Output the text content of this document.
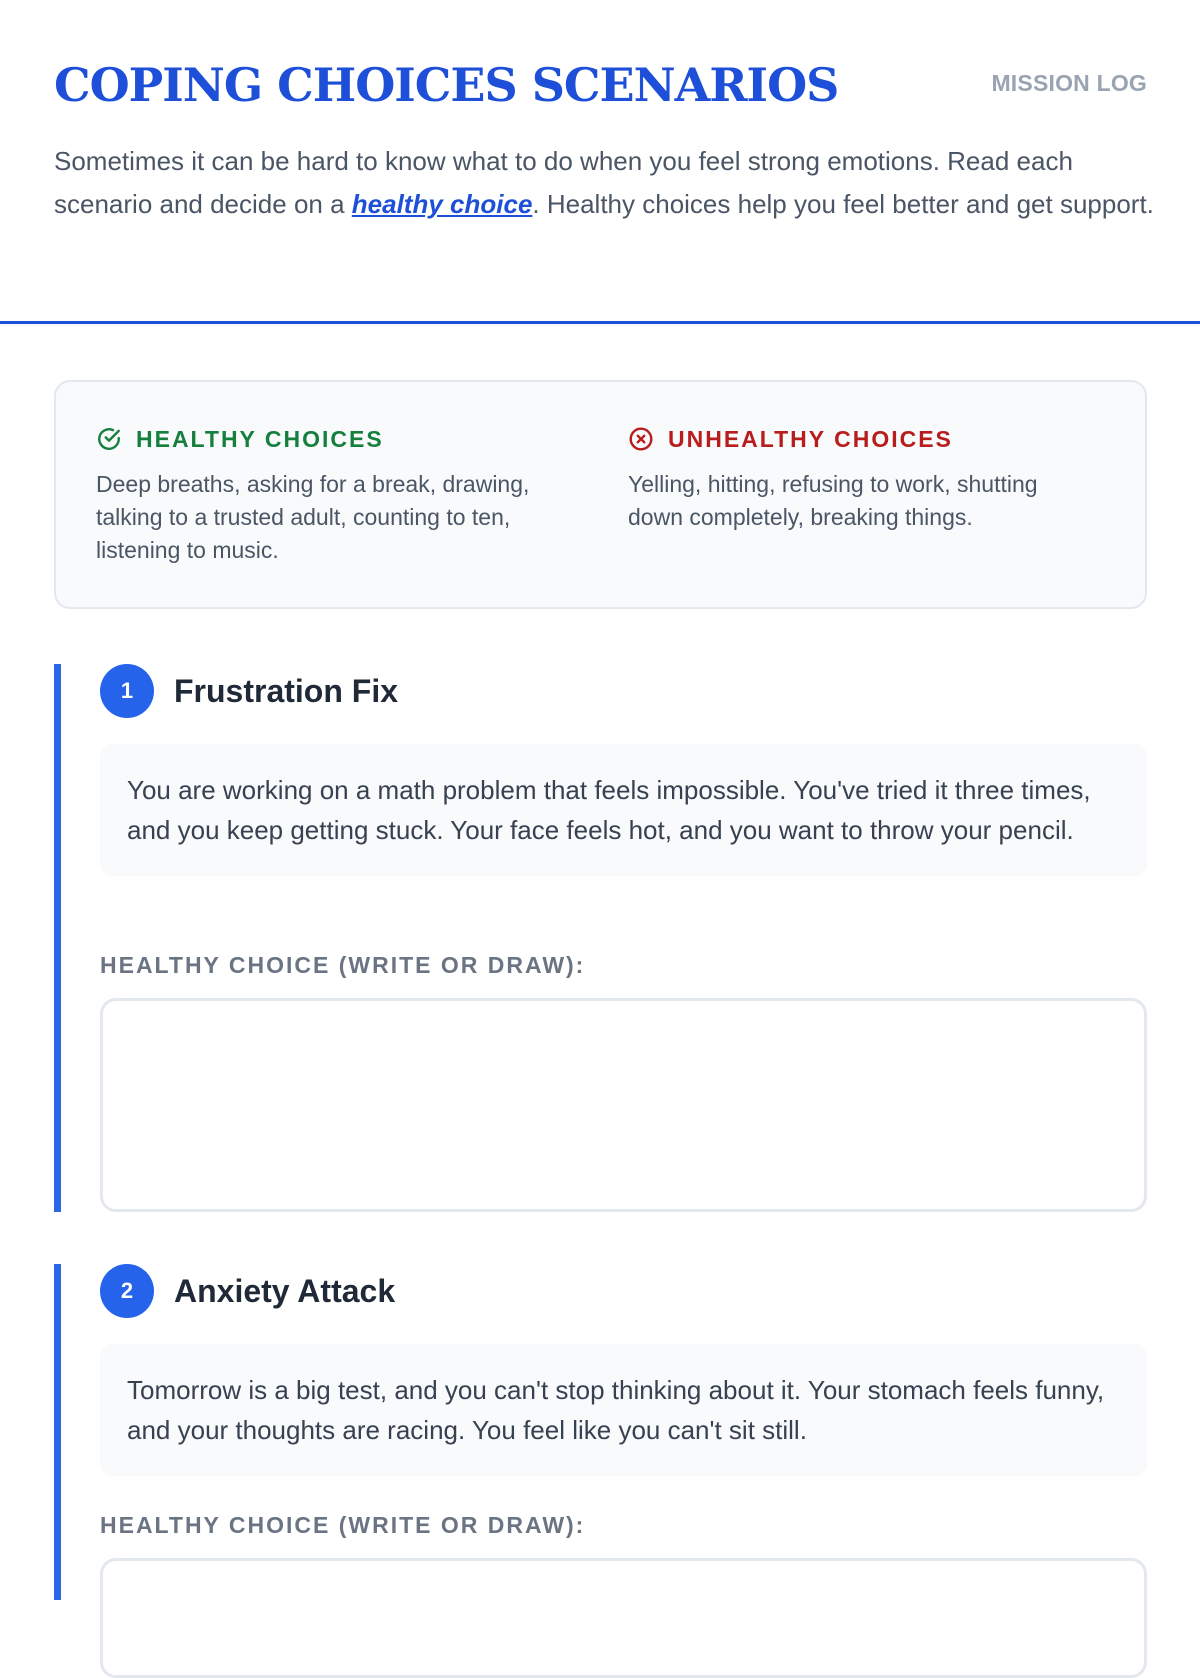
COPING CHOICES SCENARIOS	MISSION LOG

Sometimes it can be hard to know what to do when you feel strong emotions. Read each scenario and decide on a healthy choice. Healthy choices help you feel better and get support.

HEALTHY CHOICES
Deep breaths, asking for a break, drawing, talking to a trusted adult, counting to ten, listening to music.
UNHEALTHY CHOICES
Yelling, hitting, refusing to work, shutting down completely, breaking things.
1	Frustration Fix
You are working on a math problem that feels impossible. You've tried it three times, and you keep getting stuck. Your face feels hot, and you want to throw your pencil.
HEALTHY CHOICE (WRITE OR DRAW):
2	Anxiety Attack
Tomorrow is a big test, and you can't stop thinking about it. Your stomach feels funny, and your thoughts are racing. You feel like you can't sit still.
HEALTHY CHOICE (WRITE OR DRAW):
